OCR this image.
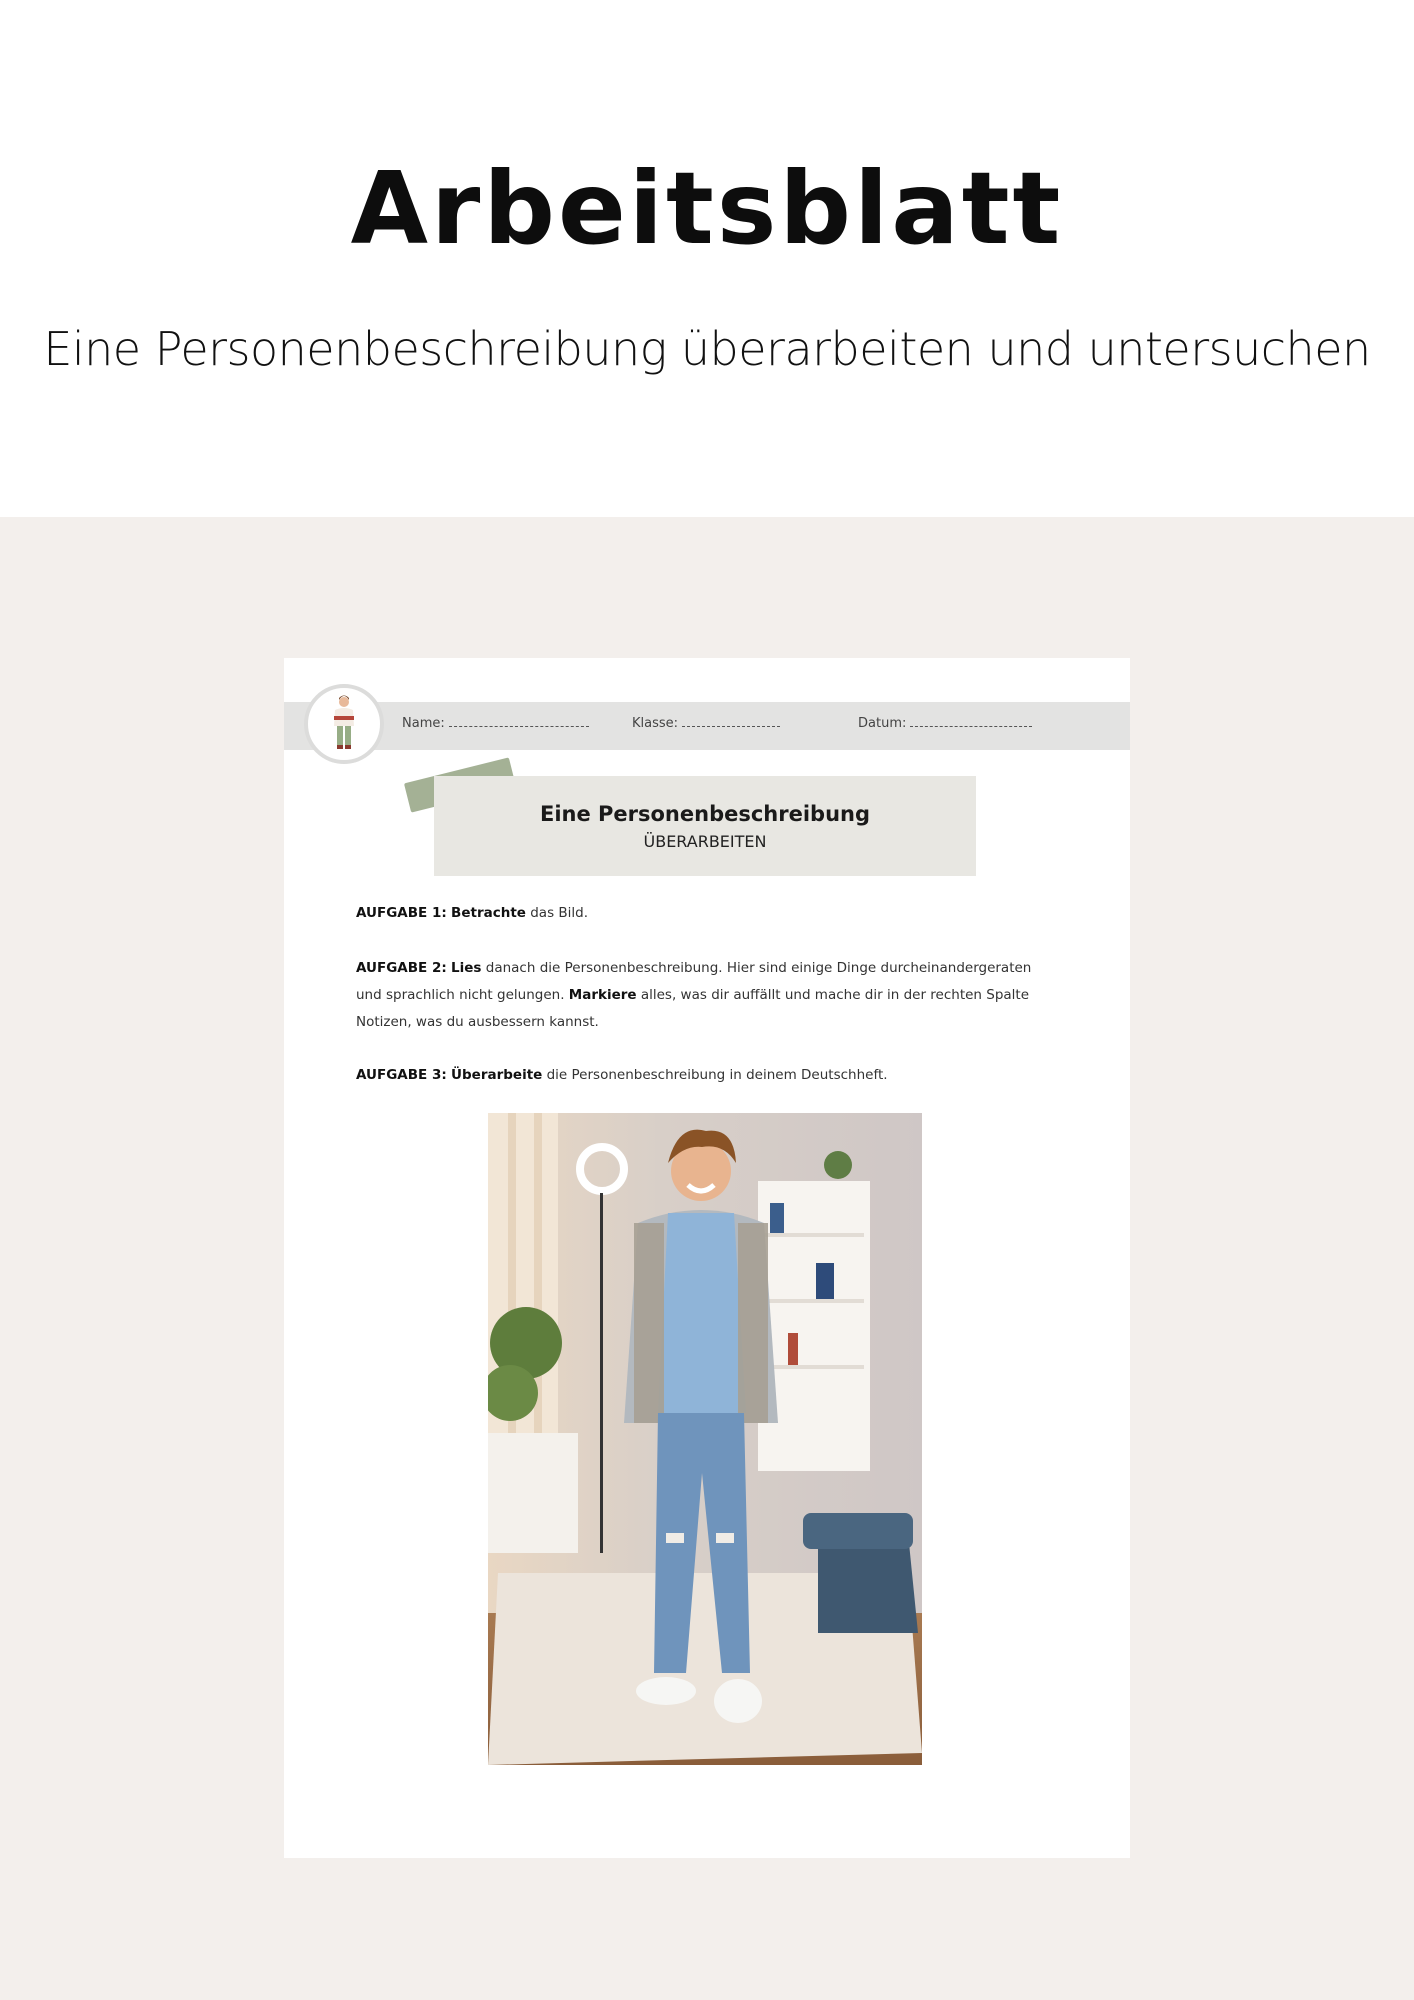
Arbeitsblatt

Eine Personenbeschreibung überarbeiten und untersuchen

Name:	Klasse:	Datum:
Eine Personenbeschreibung
ÜBERARBEITEN
AUFGABE 1: Betrachte das Bild.
AUFGABE 2: Lies danach die Personenbeschreibung. Hier sind einige Dinge durcheinandergeraten und sprachlich nicht gelungen. Markiere alles, was dir auffällt und mache dir in der rechten Spalte Notizen, was du ausbessern kannst.
AUFGABE 3: Überarbeite die Personenbeschreibung in deinem Deutschheft.
